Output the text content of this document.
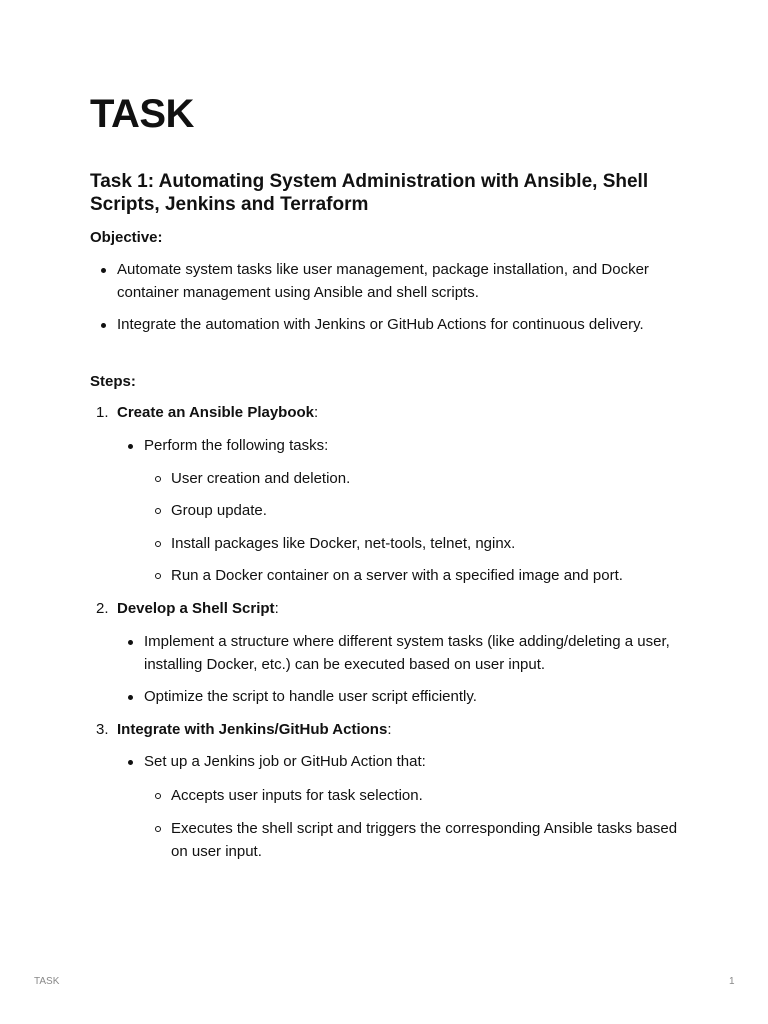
TASK
Task 1: Automating System Administration with Ansible, Shell Scripts, Jenkins and Terraform

Objective:

Automate system tasks like user management, package installation, and Docker container management using Ansible and shell scripts.

Integrate the automation with Jenkins or GitHub Actions for continuous delivery.

Steps:

1. Create an Ansible Playbook:

Perform the following tasks:

User creation and deletion.

Group update.

Install packages like Docker, net-tools, telnet, nginx.

Run a Docker container on a server with a specified image and port.

2. Develop a Shell Script:

Implement a structure where different system tasks (like adding/deleting a user, installing Docker, etc.) can be executed based on user input.

Optimize the script to handle user script efficiently.

3. Integrate with Jenkins/GitHub Actions:

Set up a Jenkins job or GitHub Action that:

Accepts user inputs for task selection.

Executes the shell script and triggers the corresponding Ansible tasks based on user input.

TASK	1
